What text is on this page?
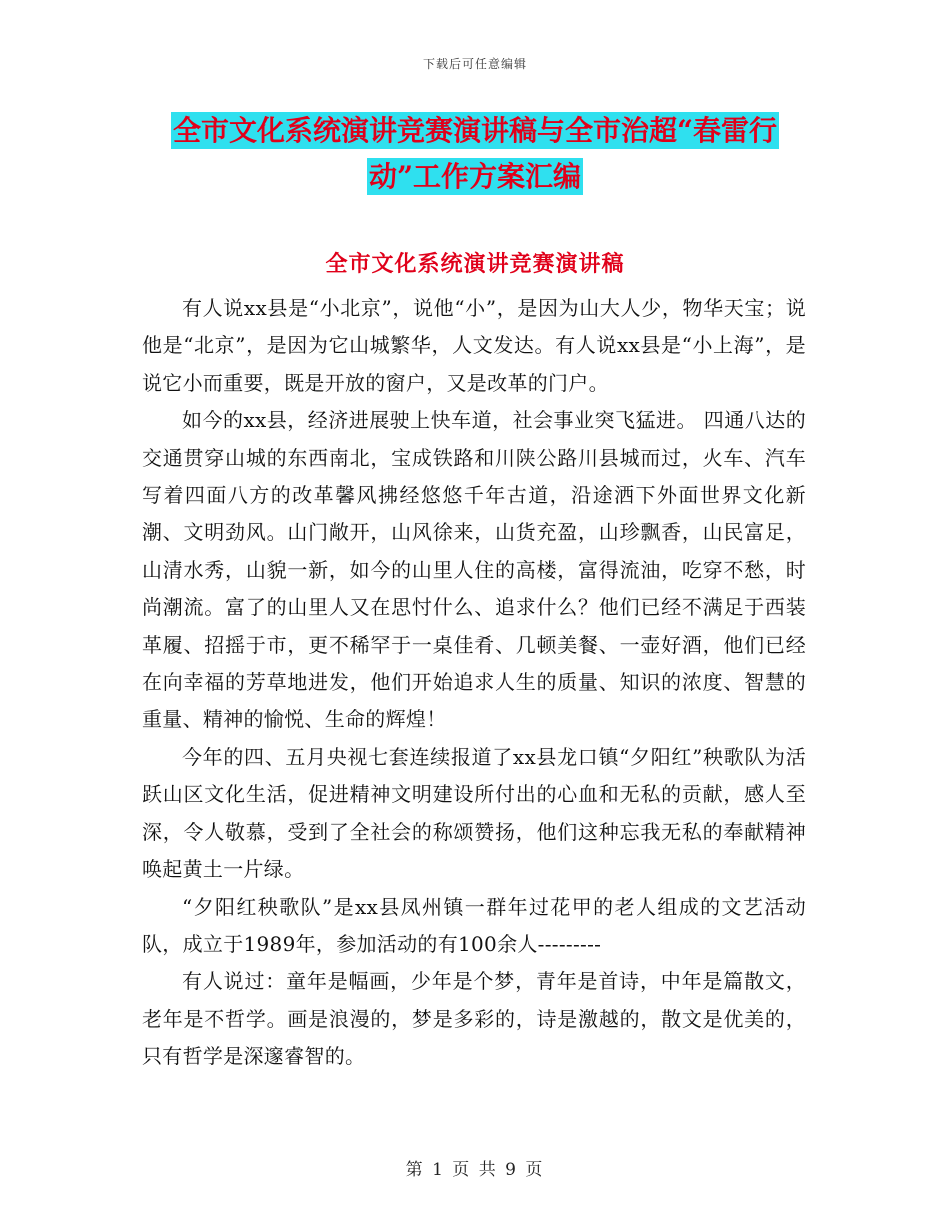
下载后可任意编辑
全市文化系统演讲竞赛演讲稿与全市治超“春雷行
动”工作方案汇编
全市文化系统演讲竞赛演讲稿

有人说xx县是“小北京”，说他“小”，是因为山大人少，物华天宝；说他是“北京”，是因为它山城繁华，人文发达。有人说xx县是“小上海”，是说它小而重要，既是开放的窗户，又是改革的门户。

如今的xx县，经济进展驶上快车道，社会事业突飞猛进。 四通八达的交通贯穿山城的东西南北，宝成铁路和川陕公路川县城而过，火车、汽车写着四面八方的改革馨风拂经悠悠千年古道，沿途洒下外面世界文化新潮、文明劲风。山门敞开，山风徐来，山货充盈，山珍飘香，山民富足，山清水秀，山貌一新，如今的山里人住的高楼，富得流油，吃穿不愁，时尚潮流。富了的山里人又在思忖什么、追求什么？他们已经不满足于西装革履、招摇于市，更不稀罕于一桌佳肴、几顿美餐、一壶好酒，他们已经在向幸福的芳草地进发，他们开始追求人生的质量、知识的浓度、智慧的重量、精神的愉悦、生命的辉煌！

今年的四、五月央视七套连续报道了xx县龙口镇“夕阳红”秧歌队为活跃山区文化生活，促进精神文明建设所付出的心血和无私的贡献，感人至深，令人敬慕，受到了全社会的称颂赞扬，他们这种忘我无私的奉献精神唤起黄土一片绿。

“夕阳红秧歌队”是xx县凤州镇一群年过花甲的老人组成的文艺活动队，成立于1989年，参加活动的有100余人---------

有人说过：童年是幅画，少年是个梦，青年是首诗，中年是篇散文，老年是不哲学。画是浪漫的，梦是多彩的，诗是激越的，散文是优美的，只有哲学是深邃睿智的。

第 1 页 共 9 页
